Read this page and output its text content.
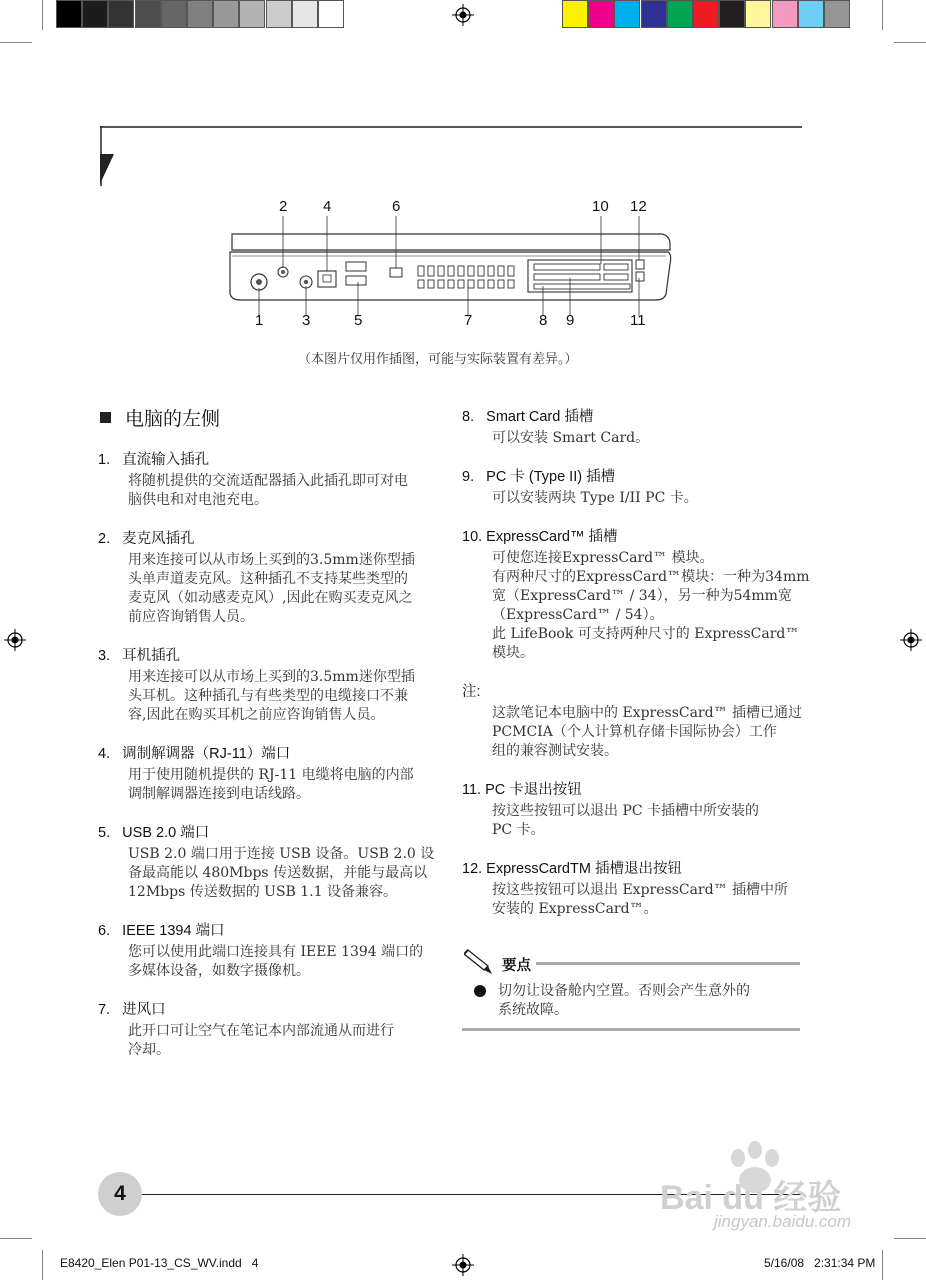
2 4	6	10 12
1	3	5	7	8 9	11
（本图片仅用作插图，可能与实际装置有差异。）
电脑的左侧
1.   直流输入插孔
将随机提供的交流适配器插入此插孔即可对电
脑供电和对电池充电。
2.   麦克风插孔
用来连接可以从市场上买到的3.5mm迷你型插
头单声道麦克风。这种插孔不支持某些类型的
麦克风（如动感麦克风）,因此在购买麦克风之
前应咨询销售人员。
3.   耳机插孔
用来连接可以从市场上买到的3.5mm迷你型插
头耳机。这种插孔与有些类型的电缆接口不兼
容,因此在购买耳机之前应咨询销售人员。
4.   调制解调器（RJ-11）端口
用于使用随机提供的 RJ-11 电缆将电脑的内部
调制解调器连接到电话线路。
5.   USB 2.0 端口
USB 2.0 端口用于连接 USB 设备。USB 2.0 设
备最高能以 480Mbps 传送数据，并能与最高以
12Mbps 传送数据的 USB 1.1 设备兼容。
6.   IEEE 1394 端口
您可以使用此端口连接具有 IEEE 1394 端口的
多媒体设备，如数字摄像机。
7.   进风口
此开口可让空气在笔记本内部流通从而进行
冷却。
8.   Smart Card 插槽
可以安装 Smart Card。
9.   PC 卡 (Type II) 插槽
可以安装两块 Type I/II PC 卡。
10. ExpressCard™ 插槽
可使您连接ExpressCard™ 模块。
有两种尺寸的ExpressCard™模块：一种为34mm
宽（ExpressCard™ / 34），另一种为54mm宽
（ExpressCard™ / 54）。
此 LifeBook 可支持两种尺寸的 ExpressCard™
模块。
注:
这款笔记本电脑中的 ExpressCard™ 插槽已通过
PCMCIA（个人计算机存储卡国际协会）工作
组的兼容测试安装。
11. PC 卡退出按钮
按这些按钮可以退出 PC 卡插槽中所安装的
PC 卡。
12. ExpressCardTM 插槽退出按钮
按这些按钮可以退出 ExpressCard™ 插槽中所
安装的 ExpressCard™。
要点
切勿让设备舱内空置。否则会产生意外的
系统故障。
4	Bai du 经验
jingyan.baidu.com
E8420_Elen P01-13_CS_WV.indd   4	5/16/08   2:31:34 PM
